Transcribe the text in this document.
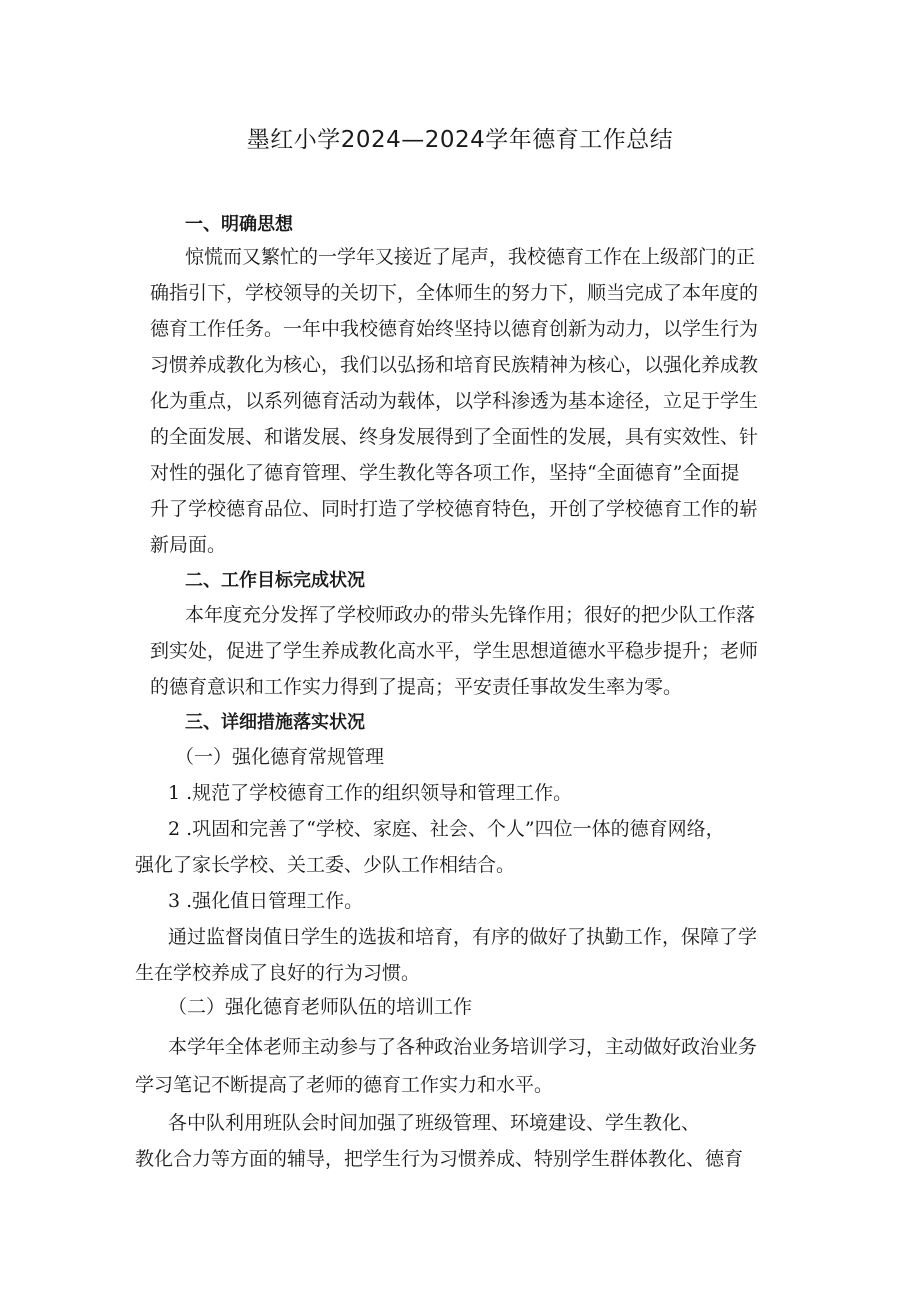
墨红小学2024—2024学年德育工作总结

一、明确思想

惊慌而又繁忙的一学年又接近了尾声，我校德育工作在上级部门的正

确指引下，学校领导的关切下，全体师生的努力下，顺当完成了本年度的

德育工作任务。一年中我校德育始终坚持以德育创新为动力，以学生行为

习惯养成教化为核心，我们以弘扬和培育民族精神为核心，以强化养成教

化为重点，以系列德育活动为载体，以学科渗透为基本途径，立足于学生

的全面发展、和谐发展、终身发展得到了全面性的发展，具有实效性、针

对性的强化了德育管理、学生教化等各项工作，坚持“全面德育”全面提

升了学校德育品位、同时打造了学校德育特色，开创了学校德育工作的崭

新局面。

二、工作目标完成状况

本年度充分发挥了学校师政办的带头先锋作用；很好的把少队工作落

到实处，促进了学生养成教化高水平，学生思想道德水平稳步提升；老师

的德育意识和工作实力得到了提高；平安责任事故发生率为零。

三、详细措施落实状况

（一）强化德育常规管理

1 .规范了学校德育工作的组织领导和管理工作。

2 .巩固和完善了“学校、家庭、社会、个人”四位一体的德育网络，

强化了家长学校、关工委、少队工作相结合。

3 .强化值日管理工作。

通过监督岗值日学生的选拔和培育，有序的做好了执勤工作，保障了学

生在学校养成了良好的行为习惯。

（二）强化德育老师队伍的培训工作

本学年全体老师主动参与了各种政治业务培训学习，主动做好政治业务

学习笔记不断提高了老师的德育工作实力和水平。

各中队利用班队会时间加强了班级管理、环境建设、学生教化、

教化合力等方面的辅导，把学生行为习惯养成、特别学生群体教化、德育
